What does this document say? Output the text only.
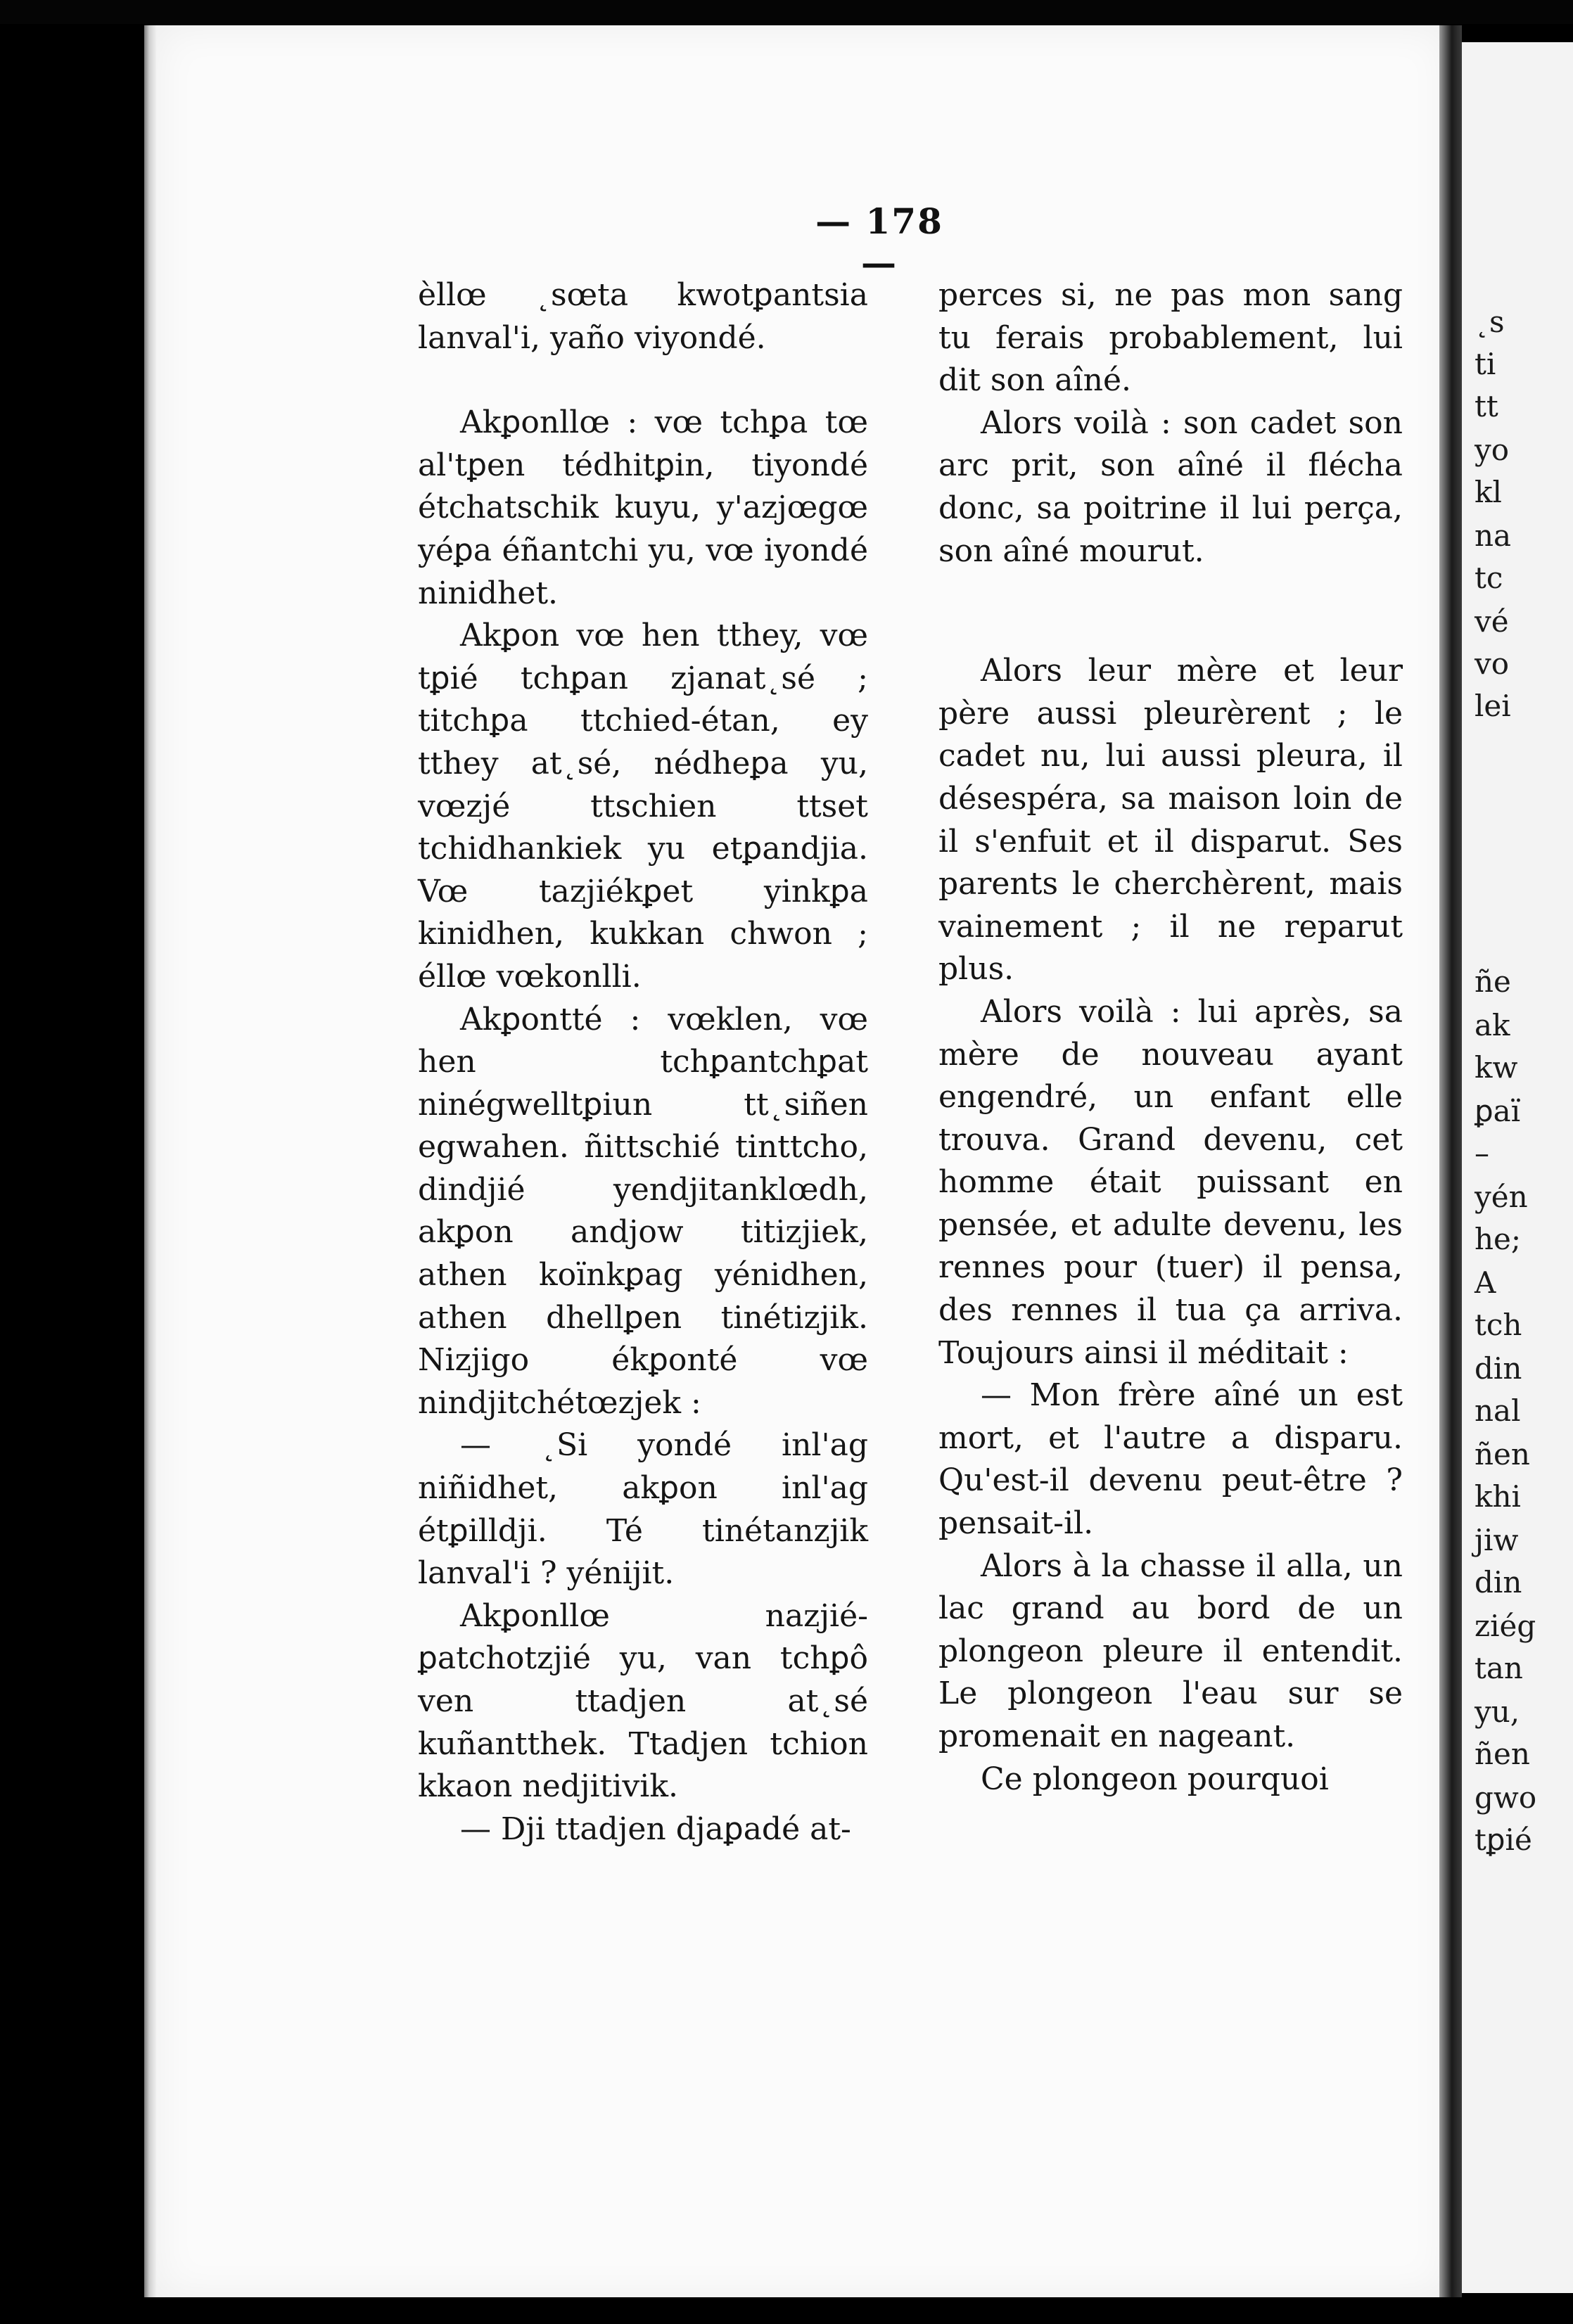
— 178 —

èllœ ˛sœta kwotꝑantsia lanval'i, yaño viyondé.

Akꝑonllœ : vœ tchꝑa tœ al'tꝑen tédhitꝑin, tiyondé étchatschik kuyu, y'azjœgœ yéꝑa éñantchi yu, vœ iyondé ninidhet.

Akꝑon vœ hen tthey, vœ tꝑié tchꝑan zjanat˛sé ; titchꝑa ttchied-étan, ey tthey at˛sé, nédheꝑa yu, vœzjé ttschien ttset tchidhankiek yu etꝑandjia. Vœ tazjiékꝑet yinkꝑa kinidhen, kukkan chwon ; éllœ vœkonlli.

Akꝑontté : vœklen, vœ hen tchꝑantchꝑat ninégwelltꝑiun tt˛siñen egwahen. ñittschié tinttcho, dindjié yendjitanklœdh, akꝑon andjow titizjiek, athen koïnkꝑag yénidhen, athen dhellꝑen tinétizjik. Nizjigo ékꝑonté vœ nindjitchétœzjek :

— ˛Si yondé inl'ag niñidhet, akꝑon inl'ag étꝑilldji. Té tinétanzjik lanval'i ? yénijit.

Akꝑonllœ nazjié-ꝑatchotzjié yu, van tchꝑô ven ttadjen at˛sé kuñantthek. Ttadjen tchion kkaon nedjitivik.

— Dji ttadjen djaꝑadé at-

perces si, ne pas mon sang tu ferais probablement, lui dit son aîné.

Alors voilà : son cadet son arc prit, son aîné il flécha donc, sa poitrine il lui perça, son aîné mourut.

Alors leur mère et leur père aussi pleurèrent ; le cadet nu, lui aussi pleura, il désespéra, sa maison loin de il s'enfuit et il disparut. Ses parents le cherchèrent, mais vainement ; il ne reparut plus.

Alors voilà : lui après, sa mère de nouveau ayant engendré, un enfant elle trouva. Grand devenu, cet homme était puissant en pensée, et adulte devenu, les rennes pour (tuer) il pensa, des rennes il tua ça arriva. Toujours ainsi il méditait :

— Mon frère aîné un est mort, et l'autre a disparu. Qu'est-il devenu peut-être ? pensait-il.

Alors à la chasse il alla, un lac grand au bord de un plongeon pleure il entendit. Le plongeon l'eau sur se promenait en nageant.

Ce plongeon pourquoi

˛s
ti
tt
yo
kl
na
tc
vé
vo
lei
ñe
ak
kw
ꝑaï
–
yén
he;
A
tch
din
nal
ñen
khi
jiw
din
ziég
tan
yu,
ñen
gwo
tꝑié
